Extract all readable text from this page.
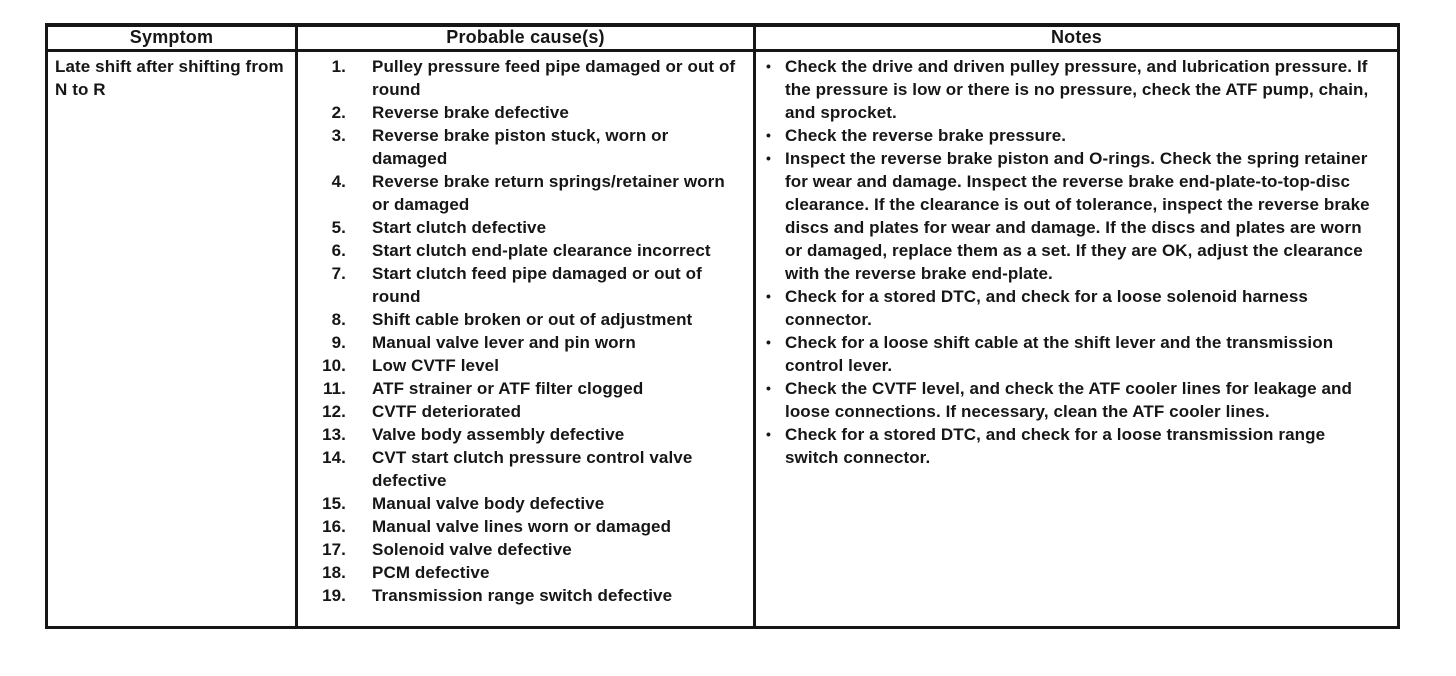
Symptom	Probable cause(s)	Notes
Late shift after shifting from N to R
1. Pulley pressure feed pipe damaged or out of round
2. Reverse brake defective
3. Reverse brake piston stuck, worn or damaged
4. Reverse brake return springs/retainer worn or damaged
5. Start clutch defective
6. Start clutch end-plate clearance incorrect
7. Start clutch feed pipe damaged or out of round
8. Shift cable broken or out of adjustment
9. Manual valve lever and pin worn
10. Low CVTF level
11. ATF strainer or ATF filter clogged
12. CVTF deteriorated
13. Valve body assembly defective
14. CVT start clutch pressure control valve defective
15. Manual valve body defective
16. Manual valve lines worn or damaged
17. Solenoid valve defective
18. PCM defective
19. Transmission range switch defective
• Check the drive and driven pulley pressure, and lubrication pressure. If the pressure is low or there is no pressure, check the ATF pump, chain, and sprocket.
• Check the reverse brake pressure.
• Inspect the reverse brake piston and O-rings. Check the spring retainer for wear and damage. Inspect the reverse brake end-plate-to-top-disc clearance. If the clearance is out of tolerance, inspect the reverse brake discs and plates for wear and damage. If the discs and plates are worn or damaged, replace them as a set. If they are OK, adjust the clearance with the reverse brake end-plate.
• Check for a stored DTC, and check for a loose solenoid harness connector.
• Check for a loose shift cable at the shift lever and the transmission control lever.
• Check the CVTF level, and check the ATF cooler lines for leakage and loose connections. If necessary, clean the ATF cooler lines.
• Check for a stored DTC, and check for a loose transmission range switch connector.
